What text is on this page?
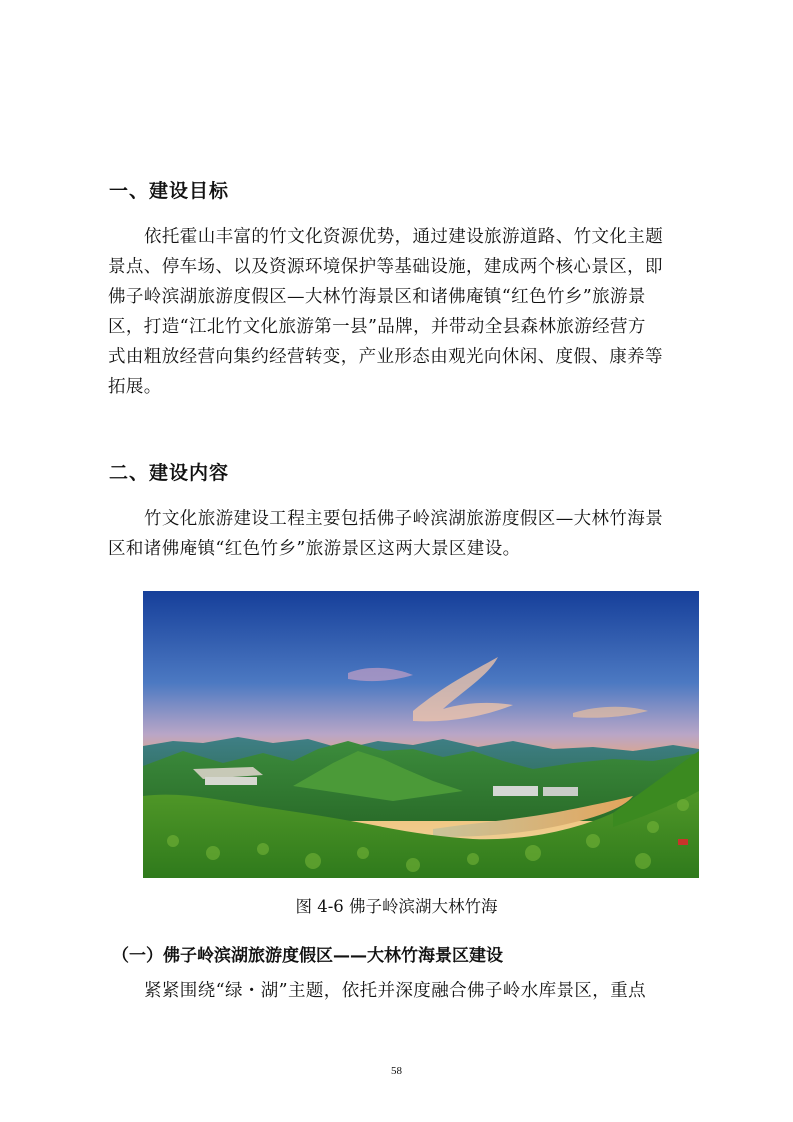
一、建设目标
依托霍山丰富的竹文化资源优势，通过建设旅游道路、竹文化主题
景点、停车场、以及资源环境保护等基础设施，建成两个核心景区，即
佛子岭滨湖旅游度假区—大林竹海景区和诸佛庵镇“红色竹乡”旅游景
区，打造“江北竹文化旅游第一县”品牌，并带动全县森林旅游经营方
式由粗放经营向集约经营转变，产业形态由观光向休闲、度假、康养等
拓展。
二、建设内容
竹文化旅游建设工程主要包括佛子岭滨湖旅游度假区—大林竹海景
区和诸佛庵镇“红色竹乡”旅游景区这两大景区建设。
图 4-6 佛子岭滨湖大林竹海
（一）佛子岭滨湖旅游度假区——大林竹海景区建设
紧紧围绕“绿・湖”主题，依托并深度融合佛子岭水库景区，重点
58
